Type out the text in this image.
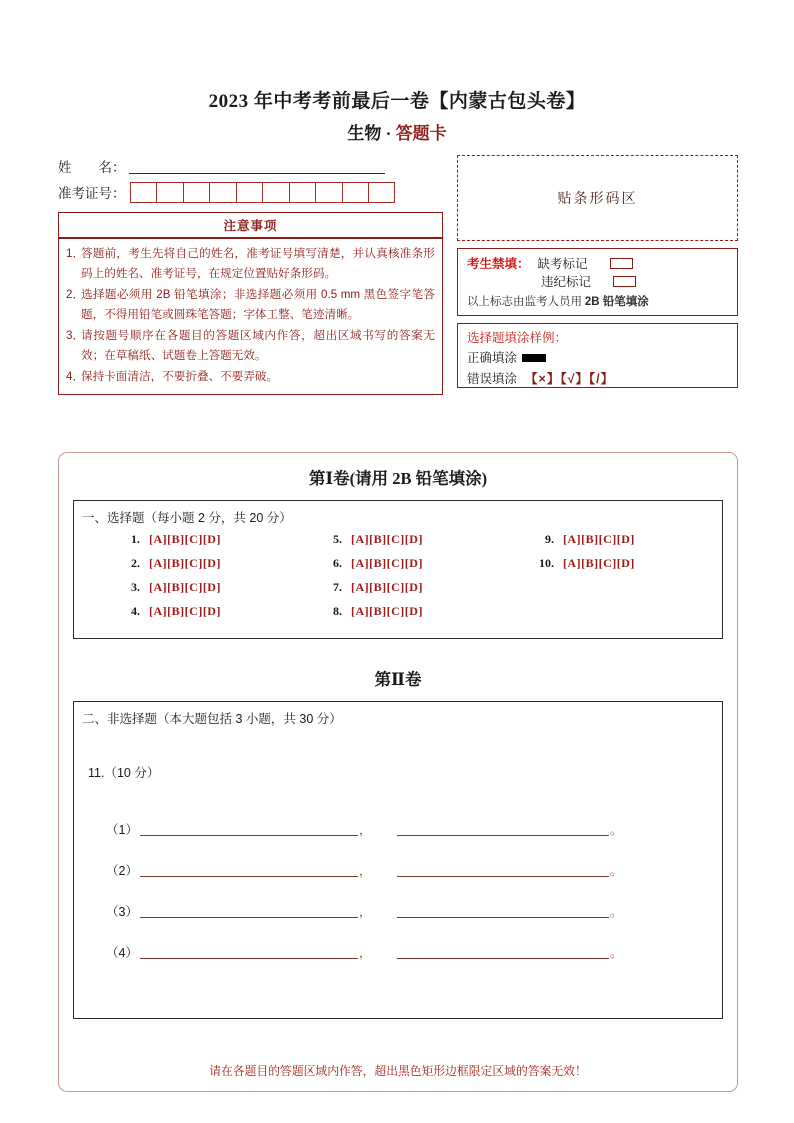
2023 年中考考前最后一卷【内蒙古包头卷】
生物 · 答题卡
姓　　名：
准考证号：
注意事项
1．
答题前，考生先将自己的姓名，准考证号填写清楚，并认真核准条形码上的姓名、准考证号，在规定位置贴好条形码。
2．
选择题必须用 2B 铅笔填涂；非选择题必须用 0.5 mm 黑色签字笔答题，不得用铅笔或圆珠笔答题；字体工整、笔迹清晰。
3．
请按题号顺序在各题目的答题区域内作答，超出区域书写的答案无效；在草稿纸、试题卷上答题无效。
4．
保持卡面清洁，不要折叠、不要弄破。
贴条形码区
考生禁填： 缺考标记
违纪标记
以上标志由监考人员用 2B 铅笔填涂
选择题填涂样例：
正确填涂
错误填涂 【×】【√】【/】
第Ⅰ卷(请用 2B 铅笔填涂)
一、选择题（每小题 2 分，共 20 分）
1. [A][B][C][D]
2. [A][B][C][D]
3. [A][B][C][D]
4. [A][B][C][D]
5. [A][B][C][D]
6. [A][B][C][D]
7. [A][B][C][D]
8. [A][B][C][D]
9. [A][B][C][D]
10. [A][B][C][D]
第Ⅱ卷
二、非选择题（本大题包括 3 小题，共 30 分）
11.（10 分）
（1）	，	。
（2）	，	。
（3）	，	。
（4）	，	。
请在各题目的答题区域内作答，超出黑色矩形边框限定区域的答案无效！
